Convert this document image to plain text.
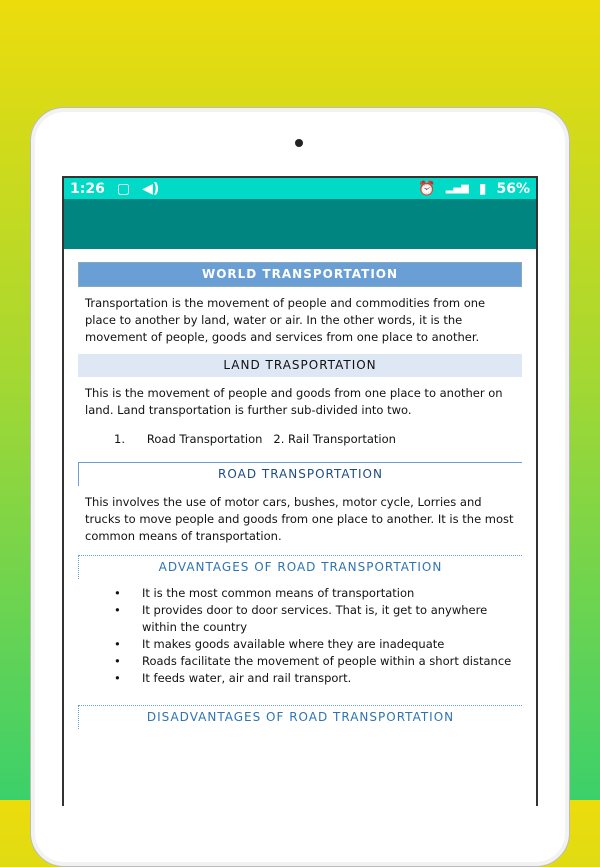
1:26 ▢ ◀)	⏰ ▂▄▆ ▮ 56%
WORLD TRANSPORTATION

Transportation is the movement of people and commodities from one place to another by land, water or air. In the other words, it is the movement of people, goods and services from one place to another.

LAND TRASPORTATION

This is the movement of people and goods from one place to another on land. Land transportation is further sub-divided into two.

1.      Road Transportation   2. Rail Transportation
ROAD TRANSPORTATION

This involves the use of motor cars, bushes, motor cycle, Lorries and trucks to move people and goods from one place to another. It is the most common means of transportation.

ADVANTAGES OF ROAD TRANSPORTATION
• It is the most common means of transportation
• It provides door to door services. That is, it get to anywhere within the country
• It makes goods available where they are inadequate
• Roads facilitate the movement of people within a short distance
• It feeds water, air and rail transport.
DISADVANTAGES OF ROAD TRANSPORTATION
